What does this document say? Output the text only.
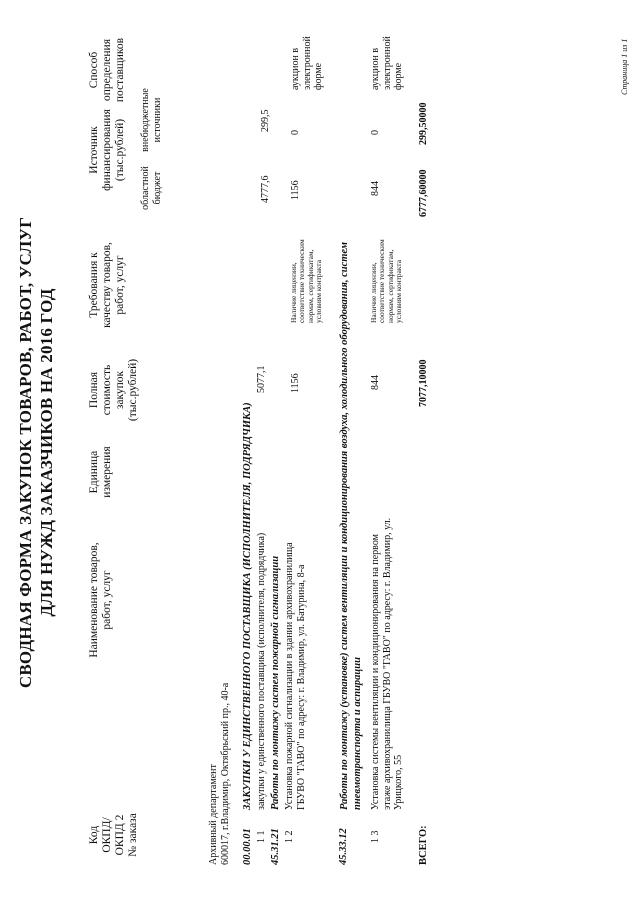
СВОДНАЯ ФОРМА ЗАКУПОК ТОВАРОВ, РАБОТ, УСЛУГ ДЛЯ НУЖД ЗАКАЗЧИКОВ НА 2016 ГОД
Код ОКПД/ ОКПД 2 № заказа
Наименование товаров, работ, услуг
Единица измерения
Полная стоимость закупок (тыс.рублей)
Требования к качеству товаров, работ, услуг
Источник финансирования (тыс.рублей)
областной бюджет
внебюджетные источники
Способ определения поставщиков
Архивный департамент 600017, г.Владимир, Октябрьский пр., 40-а 00.00.01
ЗАКУПКИ У ЕДИНСТВЕННОГО ПОСТАВЩИКА (ИСПОЛНИТЕЛЯ, ПОДРЯДЧИКА)
1 1
закупки у единственного поставщика (исполнителя, подрядчика)
5077,1
4777,6
299,5
45.31.21
Работы по монтажу систем пожарной сигнализации
1 2
Установка пожарной сигнализации в здании архивохранилища ГБУВО "ГАВО" по адресу: г. Владимир, ул. Батурина, 8-а
1156
Наличие лицензии, соответствие техническим нормам, сертификатам, условиям контракта
1156
0
аукцион в электронной форме
45.33.12
Работы по монтажу (установке) систем вентиляции и кондиционирования воздуха, холодильного оборудования, систем пневмотранспорта и аспирации
1 3
Установка системы вентиляции и кондиционирования на первом этаже архивохранилища ГБУВО "ГАВО" по адресу: г. Владимир, ул. Урицкого, 55
844
Наличие лицензии, соответствие техническим нормам, сертификатам, условиям контракта
844
0
аукцион в электронной форме
ВСЕГО:
7077,10000
6777,60000
299,50000
Страница 1 из 1
